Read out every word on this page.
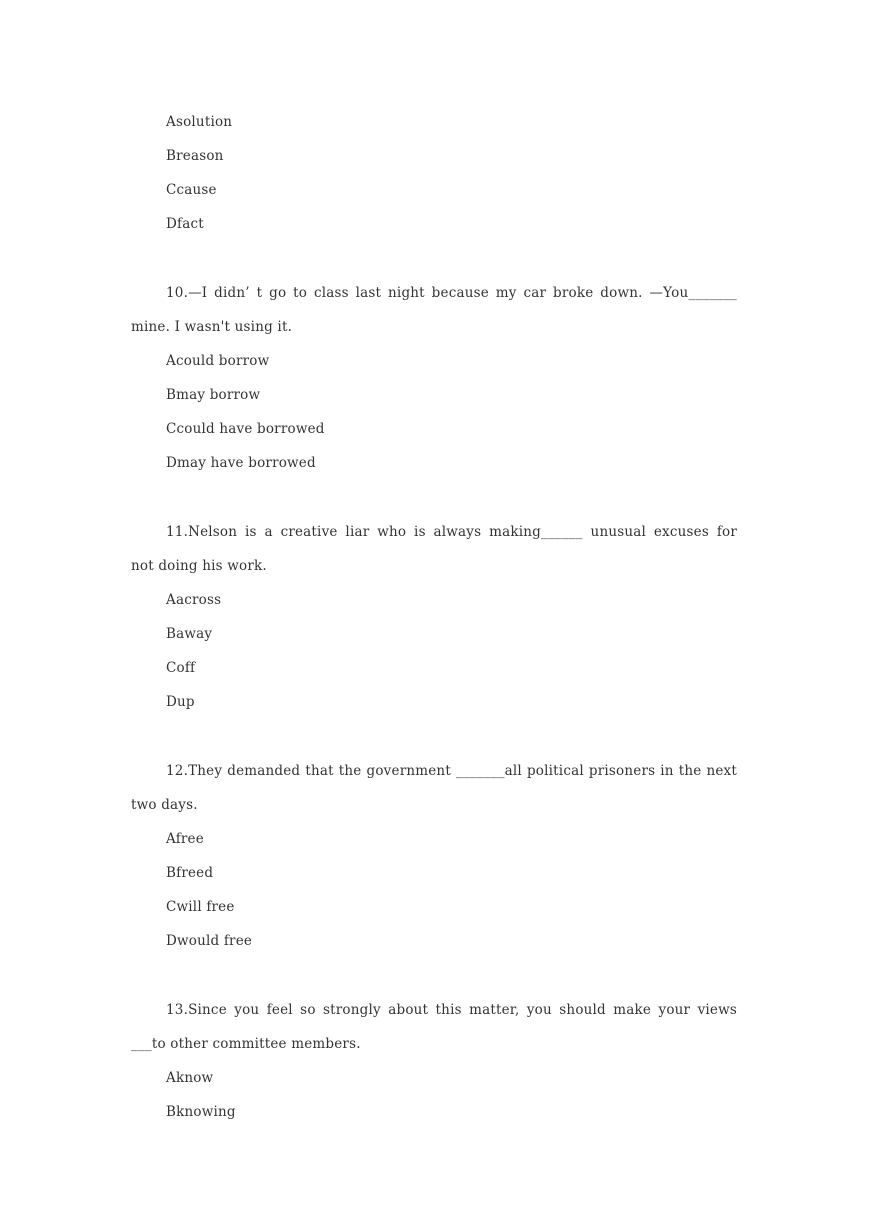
Asolution
Breason
Ccause
Dfact
10.—I didn’ t go to class last night because my car broke down. —You_______
mine. I wasn't using it.
Acould borrow
Bmay borrow
Ccould have borrowed
Dmay have borrowed
11.Nelson is a creative liar who is always making______ unusual excuses for
not doing his work.
Aacross
Baway
Coff
Dup
12.They demanded that the government _______all political prisoners in the next
two days.
Afree
Bfreed
Cwill free
Dwould free
13.Since you feel so strongly about this matter, you should make your views
___to other committee members.
Aknow
Bknowing
